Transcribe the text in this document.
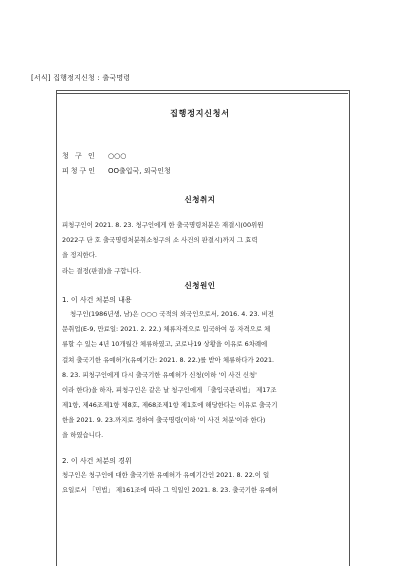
[서식] 집행정지신청 : 출국명령
집행정지신청서
청 구 인 ○○○
피청구인 OO출입국, 외국인청
신청취지
피청구인이 2021. 8. 23. 청구인에게 한 출국명령처분은 재결시(00위원
2022구 단 호 출국명령처분취소청구의 소 사건의 판결시)까지 그 효력
을 정지한다.
라는 결정(판결)을 구합니다.
신청원인
1. 이 사건 처분의 내용
청구인(1986년생, 남)은 ○○○ 국적의 외국인으로서, 2016. 4. 23. 비전
문취업(E-9, 만료일: 2021. 2. 22.) 체류자격으로 입국하여 동 자격으로 체
류할 수 있는 4년 10개월간 체류하였고, 코로나19 상황을 이유로 6차례에
걸쳐 출국기한 유예허가(유예기간: 2021. 8. 22.)를 받아 체류하다가 2021.
8. 23. 피청구인에게 다시 출국기한 유예허가 신청(이하 '이 사건 신청'
이라 한다)을 하자, 피청구인은 같은 날 청구인에게 「출입국관리법」 제17조
제1항, 제46조제1항 제8호, 제68조제1항 제1호에 해당한다는 이유로 출국기
한을 2021. 9. 23.까지로 정하여 출국명령(이하 '이 사건 처분'이라 한다)
을 하였습니다.
2. 이 사건 처분의 경위
청구인은 청구인에 대한 출국기한 유예허가 유예기간인 2021. 8. 22.이 일
요일로서 「민법」 제161조에 따라 그 익일인 2021. 8. 23. 출국기한 유예허
